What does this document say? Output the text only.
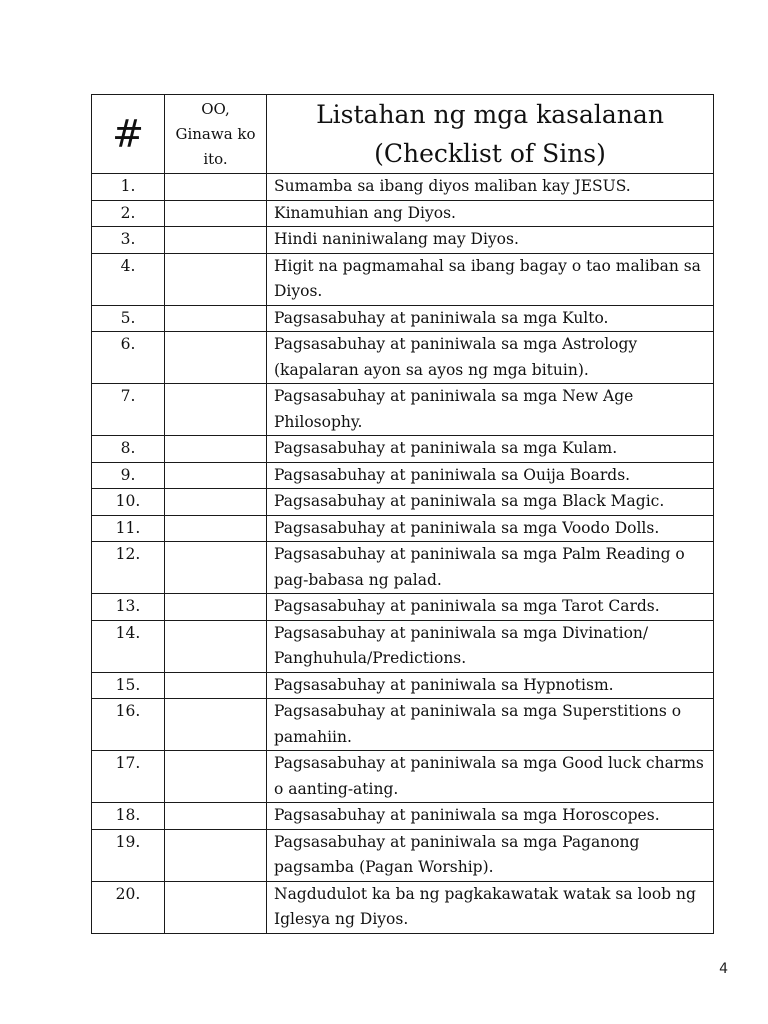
#	OO, Ginawa ko ito.	Listahan ng mga kasalanan
(Checklist of Sins)

1.		Sumamba sa ibang diyos maliban kay JESUS.
2.		Kinamuhian ang Diyos.
3.		Hindi naniniwalang may Diyos.
4.		Higit na pagmamahal sa ibang bagay o tao maliban sa Diyos.
5.		Pagsasabuhay at paniniwala sa mga Kulto.
6.		Pagsasabuhay at paniniwala sa mga Astrology (kapalaran ayon sa ayos ng mga bituin).
7.		Pagsasabuhay at paniniwala sa mga New Age Philosophy.
8.		Pagsasabuhay at paniniwala sa mga Kulam.
9.		Pagsasabuhay at paniniwala sa Ouija Boards.
10.		Pagsasabuhay at paniniwala sa mga Black Magic.
11.		Pagsasabuhay at paniniwala sa mga Voodo Dolls.
12.		Pagsasabuhay at paniniwala sa mga Palm Reading o pag-babasa ng palad.
13.		Pagsasabuhay at paniniwala sa mga Tarot Cards.
14.		Pagsasabuhay at paniniwala sa mga Divination/ Panghuhula/Predictions.
15.		Pagsasabuhay at paniniwala sa Hypnotism.
16.		Pagsasabuhay at paniniwala sa mga Superstitions o pamahiin.
17.		Pagsasabuhay at paniniwala sa mga Good luck charms o aanting-ating.
18.		Pagsasabuhay at paniniwala sa mga Horoscopes.
19.		Pagsasabuhay at paniniwala sa mga Paganong pagsamba (Pagan Worship).
20.		Nagdudulot ka ba ng pagkakawatak watak sa loob ng Iglesya ng Diyos.
4
